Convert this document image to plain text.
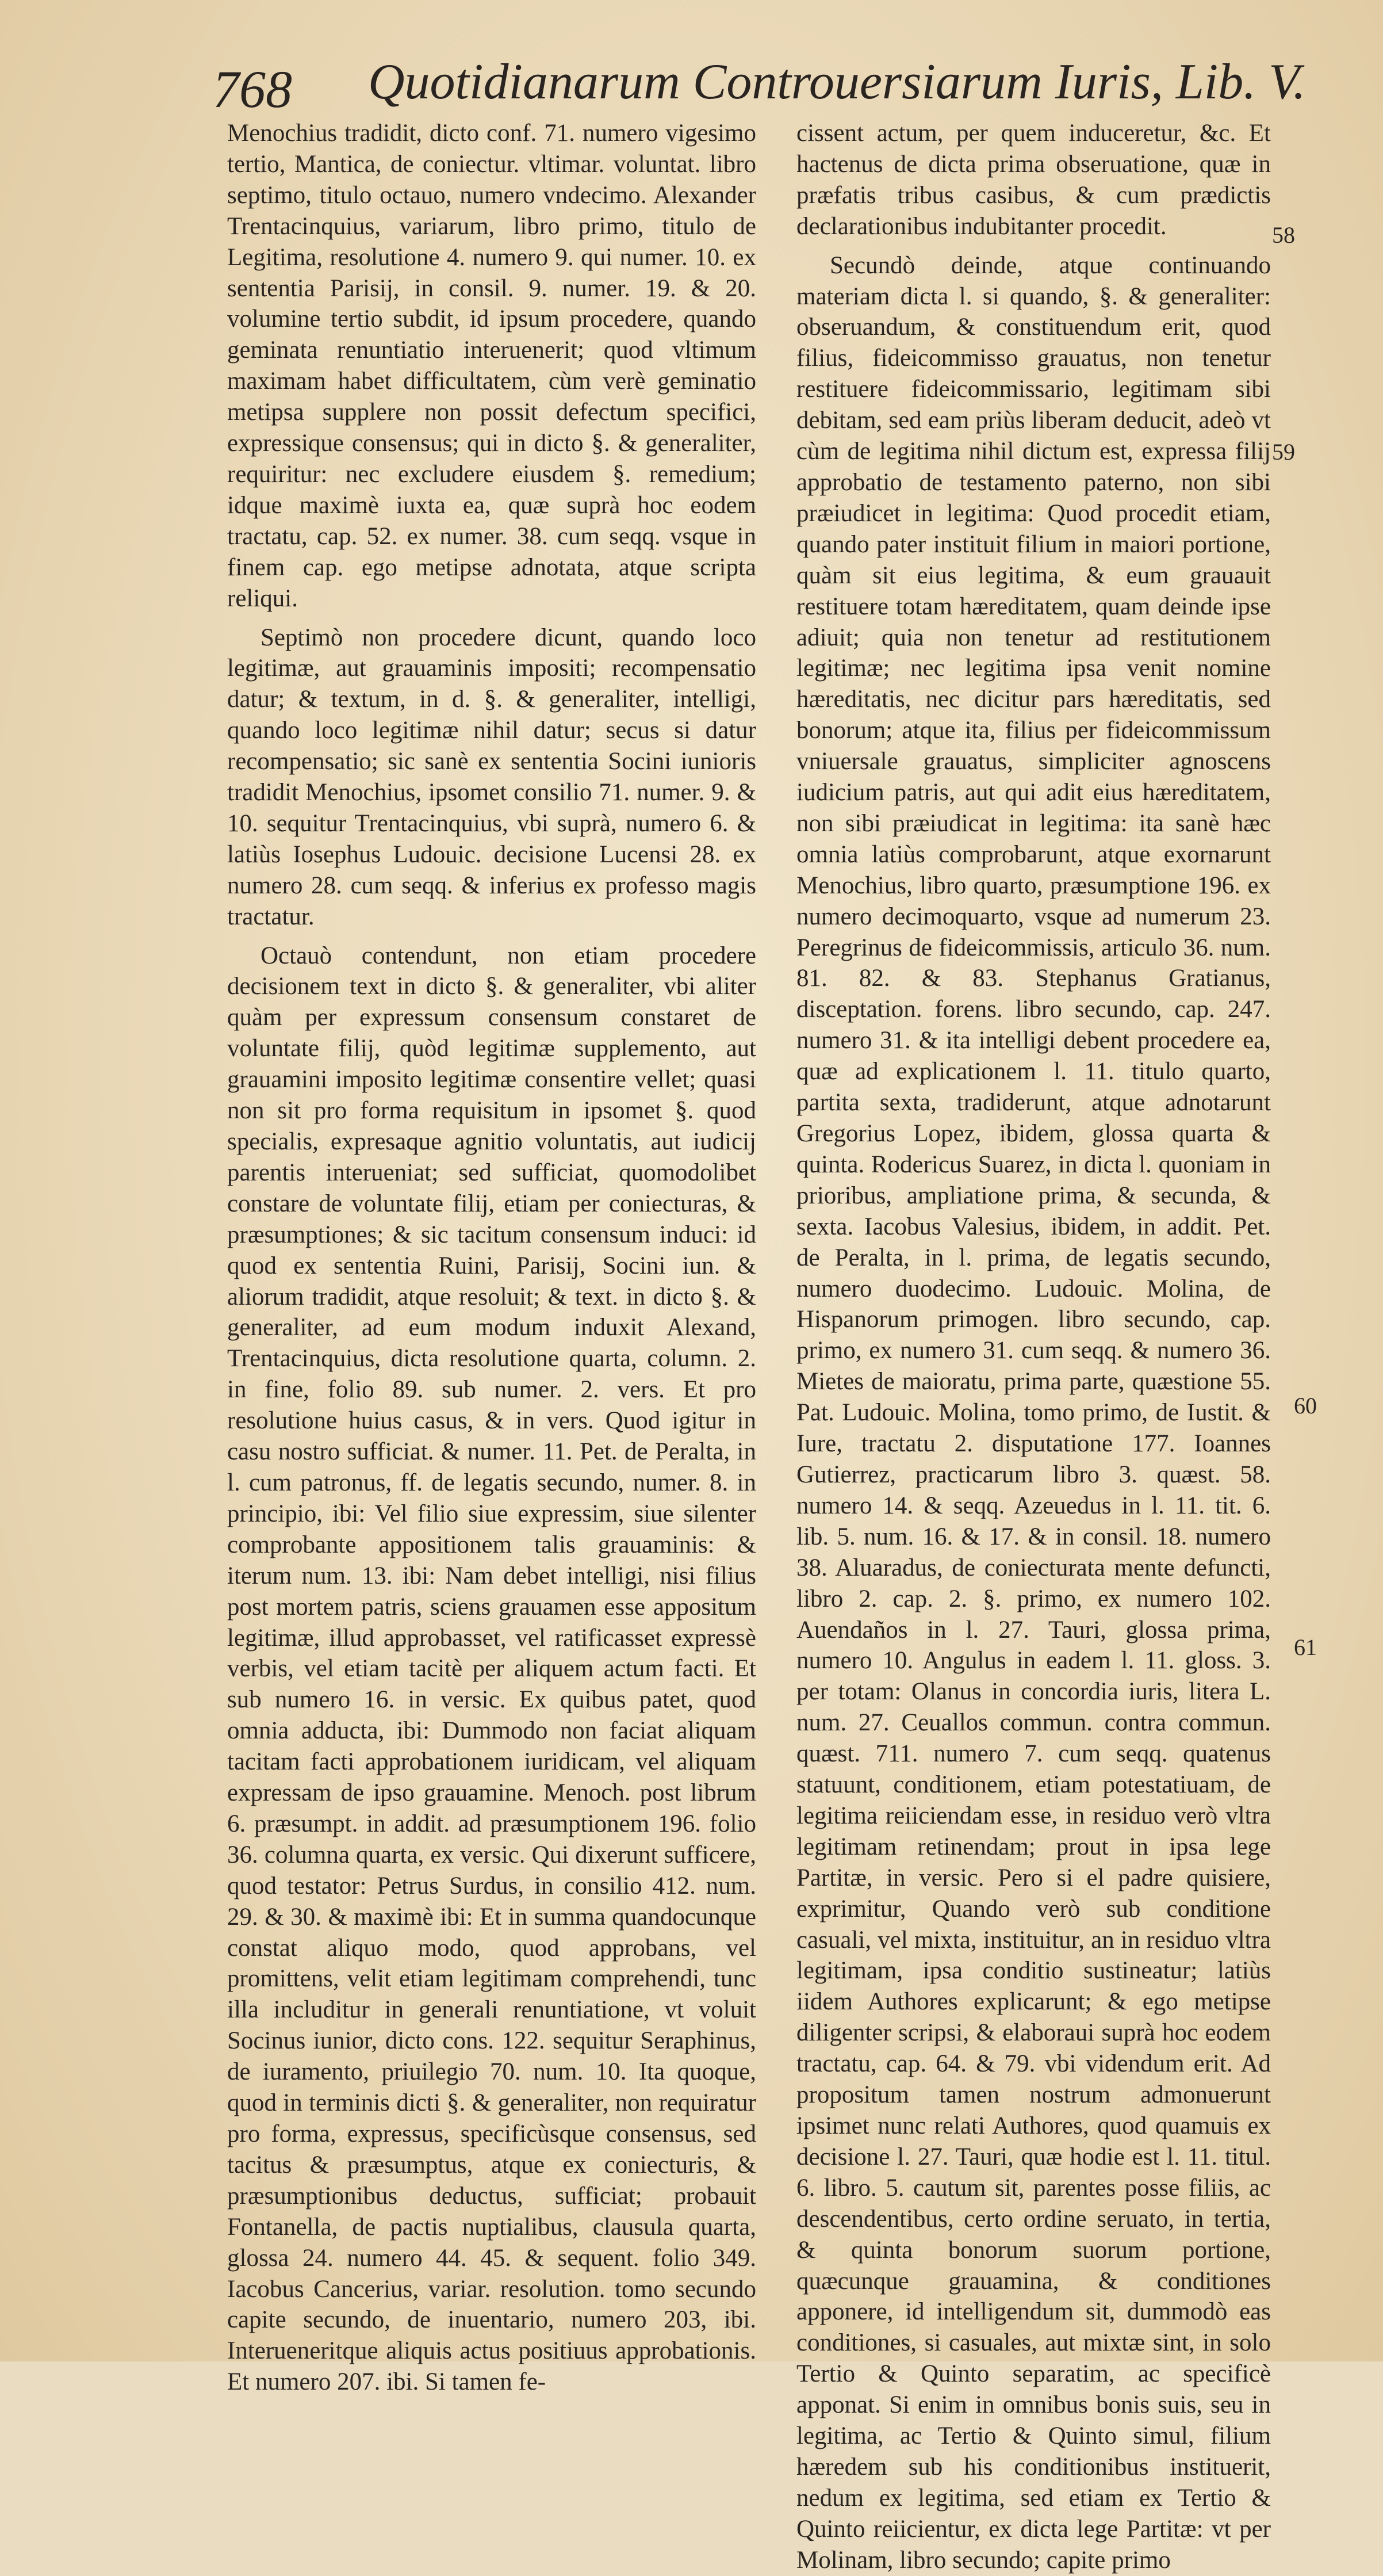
768 Quotidianarum Controuersiarum Iuris, Lib. V.

Menochius tradidit, dicto conf. 71. numero vigesimo tertio, Mantica, de coniectur. vltimar. voluntat. libro septimo, titulo octauo, numero vndecimo. Alexander Trentacinquius, variarum, libro primo, titulo de Legitima, resolutione 4. numero 9. qui numer. 10. ex sententia Parisij, in consil. 9. numer. 19. & 20. volumine tertio subdit, id ipsum procedere, quando geminata renuntiatio interuenerit; quod vltimum maximam habet difficultatem, cùm verè geminatio metipsa supplere non possit defectum specifici, expressique consensus; qui in dicto §. & generaliter, requiritur: nec excludere eiusdem §. remedium; idque maximè iuxta ea, quæ suprà hoc eodem tractatu, cap. 52. ex numer. 38. cum seqq. vsque in finem cap. ego metipse adnotata, atque scripta reliqui.

Septimò non procedere dicunt, quando loco legitimæ, aut grauaminis impositi; recompensatio datur; & textum, in d. §. & generaliter, intelligi, quando loco legitimæ nihil datur; secus si datur recompensatio; sic sanè ex sententia Socini iunioris tradidit Menochius, ipsomet consilio 71. numer. 9. & 10. sequitur Trentacinquius, vbi suprà, numero 6. & latiùs Iosephus Ludouic. decisione Lucensi 28. ex numero 28. cum seqq. & inferius ex professo magis tractatur.

Octauò contendunt, non etiam procedere decisionem text in dicto §. & generaliter, vbi aliter quàm per expressum consensum constaret de voluntate filij, quòd legitimæ supplemento, aut grauamini imposito legitimæ consentire vellet; quasi non sit pro forma requisitum in ipsomet §. quod specialis, expresaque agnitio voluntatis, aut iudicij parentis interueniat; sed sufficiat, quomodolibet constare de voluntate filij, etiam per coniecturas, & præsumptiones; & sic tacitum consensum induci: id quod ex sententia Ruini, Parisij, Socini iun. & aliorum tradidit, atque resoluit; & text. in dicto §. & generaliter, ad eum modum induxit Alexand, Trentacinquius, dicta resolutione quarta, column. 2. in fine, folio 89. sub numer. 2. vers. Et pro resolutione huius casus, & in vers. Quod igitur in casu nostro sufficiat. & numer. 11. Pet. de Peralta, in l. cum patronus, ff. de legatis secundo, numer. 8. in principio, ibi: Vel filio siue expressim, siue silenter comprobante appositionem talis grauaminis: & iterum num. 13. ibi: Nam debet intelligi, nisi filius post mortem patris, sciens grauamen esse appositum legitimæ, illud approbasset, vel ratificasset expressè verbis, vel etiam tacitè per aliquem actum facti. Et sub numero 16. in versic. Ex quibus patet, quod omnia adducta, ibi: Dummodo non faciat aliquam tacitam facti approbationem iuridicam, vel aliquam expressam de ipso grauamine. Menoch. post librum 6. præsumpt. in addit. ad præsumptionem 196. folio 36. columna quarta, ex versic. Qui dixerunt sufficere, quod testator: Petrus Surdus, in consilio 412. num. 29. & 30. & maximè ibi: Et in summa quandocunque constat aliquo modo, quod approbans, vel promittens, velit etiam legitimam comprehendi, tunc illa includitur in generali renuntiatione, vt voluit Socinus iunior, dicto cons. 122. sequitur Seraphinus, de iuramento, priuilegio 70. num. 10. Ita quoque, quod in terminis dicti §. & generaliter, non requiratur pro forma, expressus, specificùsque consensus, sed tacitus & præsumptus, atque ex coniecturis, & præsumptionibus deductus, sufficiat; probauit Fontanella, de pactis nuptialibus, clausula quarta, glossa 24. numero 44. 45. & sequent. folio 349. Iacobus Cancerius, variar. resolution. tomo secundo capite secundo, de inuentario, numero 203, ibi. Interueneritque aliquis actus positiuus approbationis. Et numero 207. ibi. Si tamen fe-

cissent actum, per quem induceretur, &c. Et hactenus de dicta prima obseruatione, quæ in præfatis tribus casibus, & cum prædictis declarationibus indubitanter procedit.

Secundò deinde, atque continuando materiam dicta l. si quando, §. & generaliter: obseruandum, & constituendum erit, quod filius, fideicommisso grauatus, non tenetur restituere fideicommissario, legitimam sibi debitam, sed eam priùs liberam deducit, adeò vt cùm de legitima nihil dictum est, expressa filij approbatio de testamento paterno, non sibi præiudicet in legitima: Quod procedit etiam, quando pater instituit filium in maiori portione, quàm sit eius legitima, & eum grauauit restituere totam hæreditatem, quam deinde ipse adiuit; quia non tenetur ad restitutionem legitimæ; nec legitima ipsa venit nomine hæreditatis, nec dicitur pars hæreditatis, sed bonorum; atque ita, filius per fideicommissum vniuersale grauatus, simpliciter agnoscens iudicium patris, aut qui adit eius hæreditatem, non sibi præiudicat in legitima: ita sanè hæc omnia latiùs comprobarunt, atque exornarunt Menochius, libro quarto, præsumptione 196. ex numero decimoquarto, vsque ad numerum 23. Peregrinus de fideicommissis, articulo 36. num. 81. 82. & 83. Stephanus Gratianus, disceptation. forens. libro secundo, cap. 247. numero 31. & ita intelligi debent procedere ea, quæ ad explicationem l. 11. titulo quarto, partita sexta, tradiderunt, atque adnotarunt Gregorius Lopez, ibidem, glossa quarta & quinta. Rodericus Suarez, in dicta l. quoniam in prioribus, ampliatione prima, & secunda, & sexta. Iacobus Valesius, ibidem, in addit. Pet. de Peralta, in l. prima, de legatis secundo, numero duodecimo. Ludouic. Molina, de Hispanorum primogen. libro secundo, cap. primo, ex numero 31. cum seqq. & numero 36. Mietes de maioratu, prima parte, quæstione 55. Pat. Ludouic. Molina, tomo primo, de Iustit. & Iure, tractatu 2. disputatione 177. Ioannes Gutierrez, practicarum libro 3. quæst. 58. numero 14. & seqq. Azeuedus in l. 11. tit. 6. lib. 5. num. 16. & 17. & in consil. 18. numero 38. Aluaradus, de coniecturata mente defuncti, libro 2. cap. 2. §. primo, ex numero 102. Auendaños in l. 27. Tauri, glossa prima, numero 10. Angulus in eadem l. 11. gloss. 3. per totam: Olanus in concordia iuris, litera L. num. 27. Ceuallos commun. contra commun. quæst. 711. numero 7. cum seqq. quatenus statuunt, conditionem, etiam potestatiuam, de legitima reiiciendam esse, in residuo verò vltra legitimam retinendam; prout in ipsa lege Partitæ, in versic. Pero si el padre quisiere, exprimitur, Quando verò sub conditione casuali, vel mixta, instituitur, an in residuo vltra legitimam, ipsa conditio sustineatur; latiùs iidem Authores explicarunt; & ego metipse diligenter scripsi, & elaboraui suprà hoc eodem tractatu, cap. 64. & 79. vbi videndum erit. Ad propositum tamen nostrum admonuerunt ipsimet nunc relati Authores, quod quamuis ex decisione l. 27. Tauri, quæ hodie est l. 11. titul. 6. libro. 5. cautum sit, parentes posse filiis, ac descendentibus, certo ordine seruato, in tertia, & quinta bonorum suorum portione, quæcunque grauamina, & conditiones apponere, id intelligendum sit, dummodò eas conditiones, si casuales, aut mixtæ sint, in solo Tertio & Quinto separatim, ac specificè apponat. Si enim in omnibus bonis suis, seu in legitima, ac Tertio & Quinto simul, filium hæredem sub his conditionibus instituerit, nedum ex legitima, sed etiam ex Tertio & Quinto reiicientur, ex dicta lege Partitæ: vt per Molinam, libro secundo; capite primo

58
59
60
61
